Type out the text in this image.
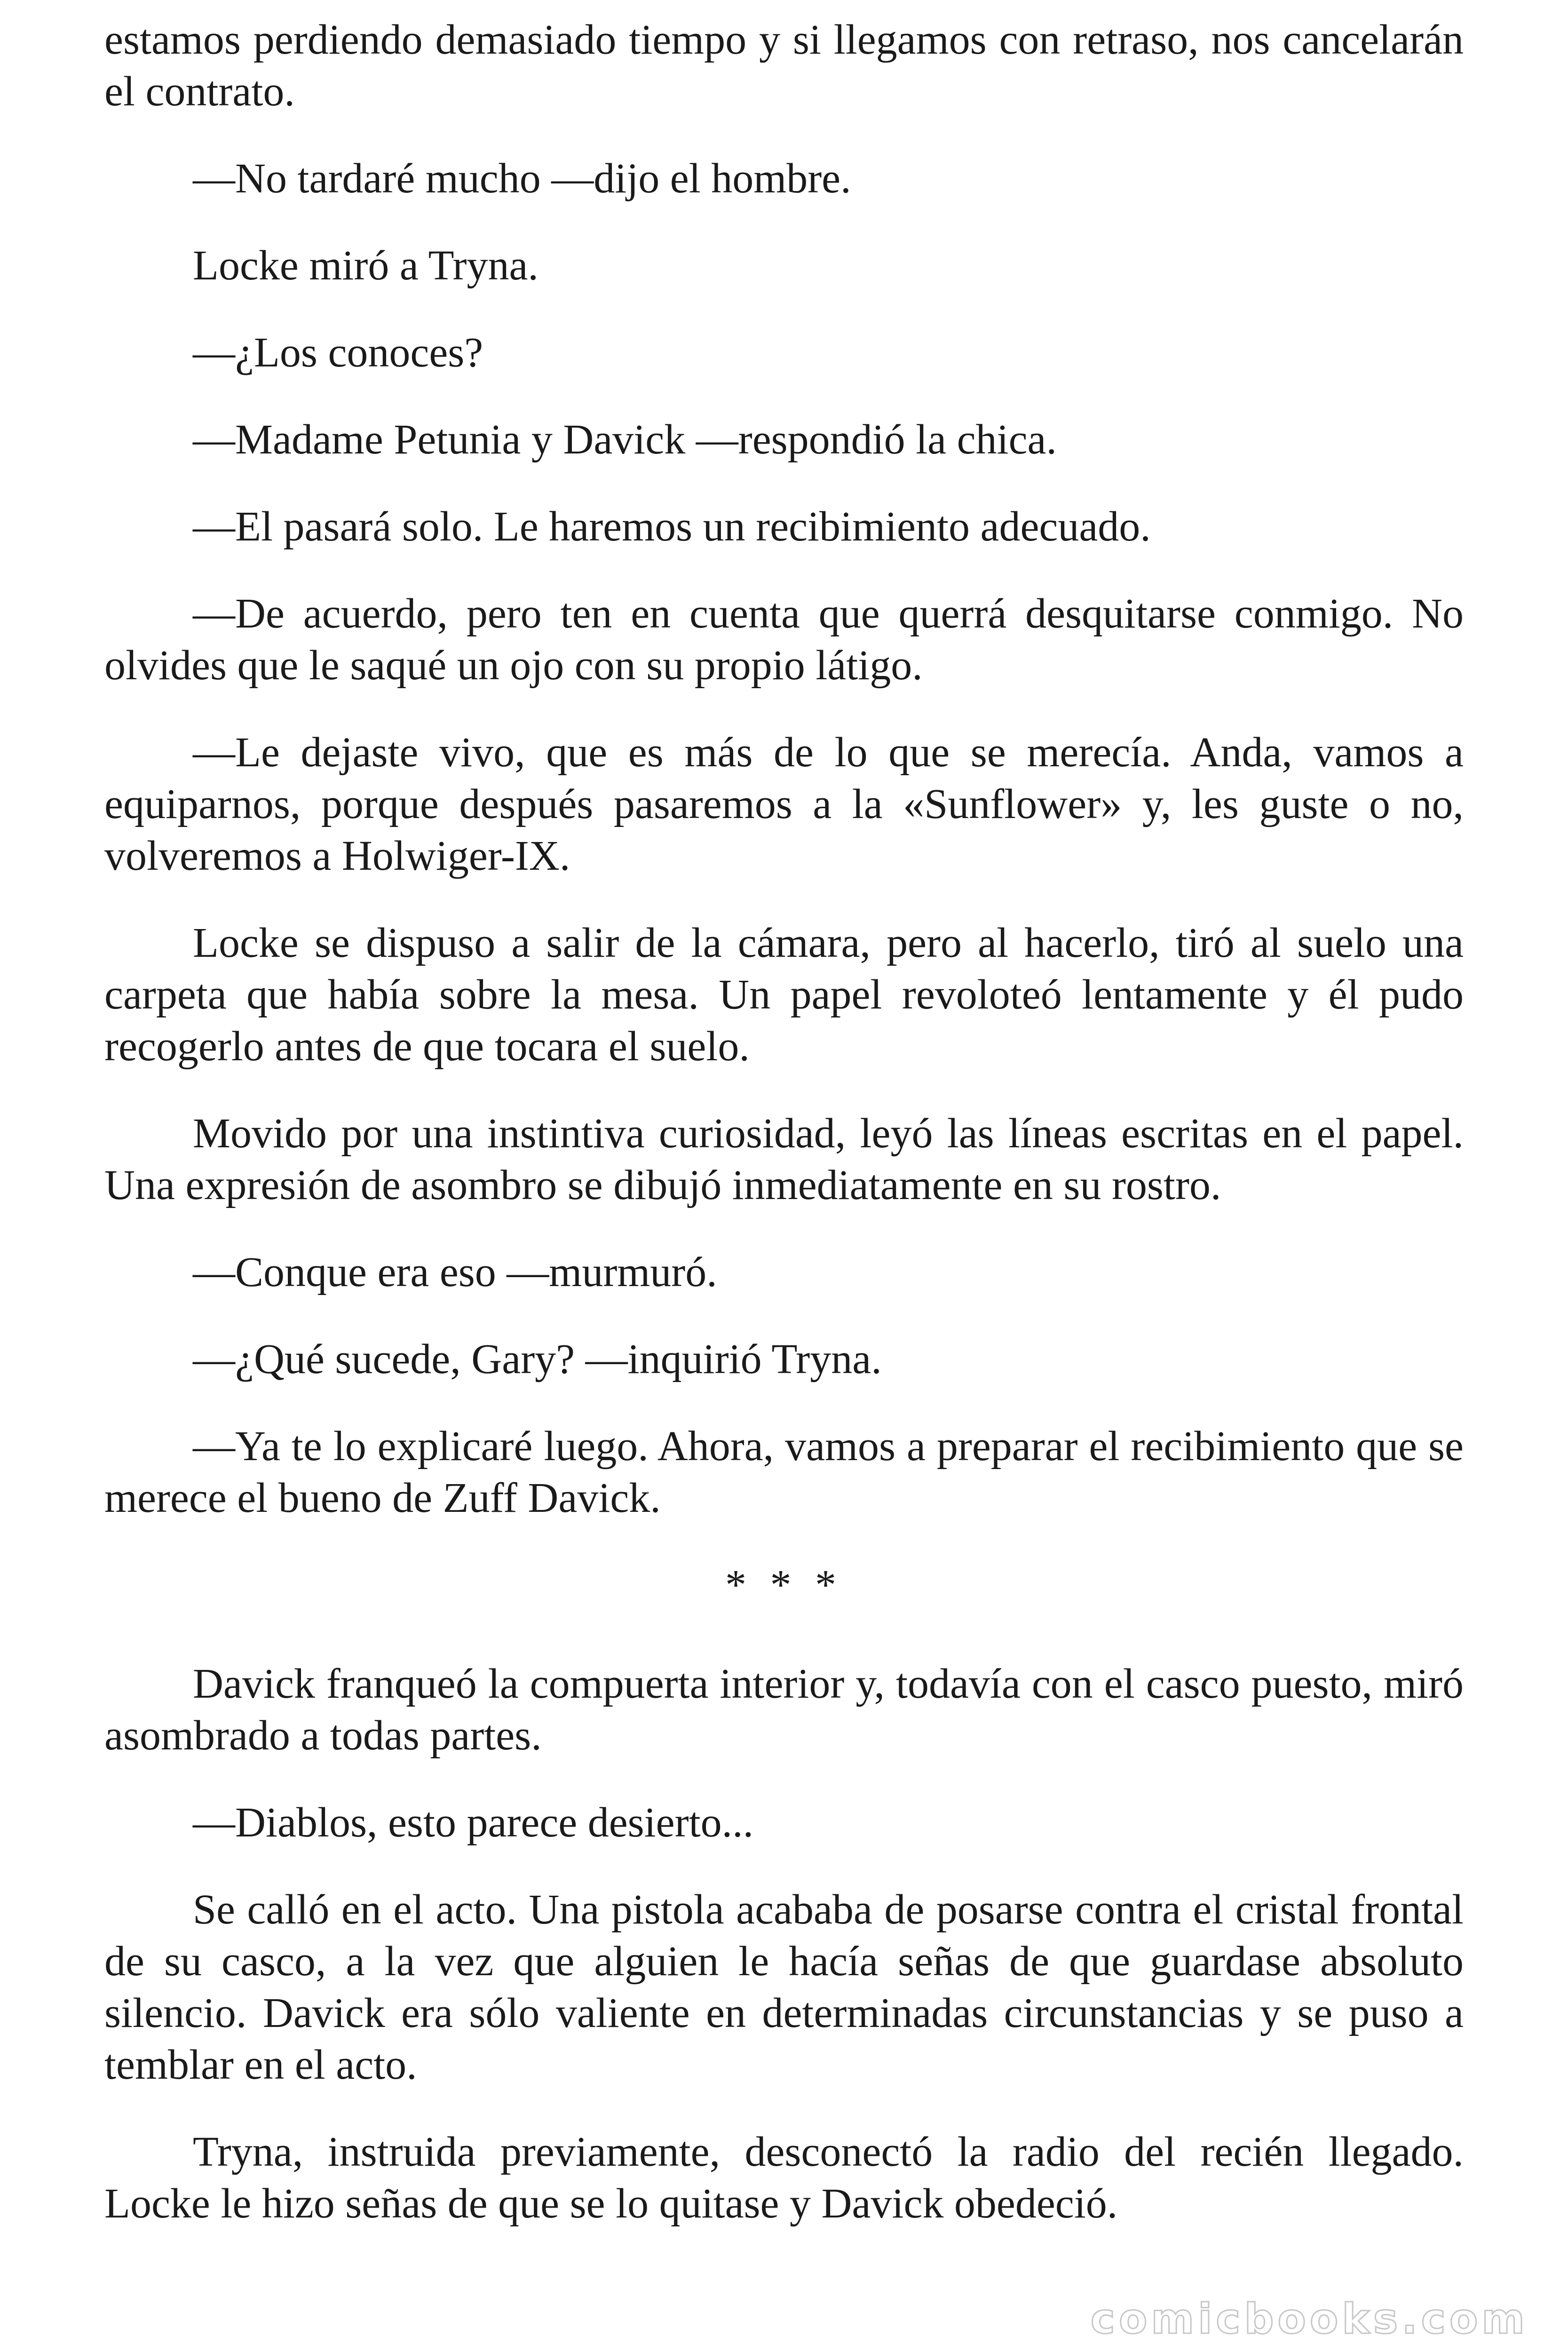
estamos perdiendo demasiado tiempo y si llegamos con retraso, nos cancelarán el contrato.

—No tardaré mucho —dijo el hombre.

Locke miró a Tryna.

—¿Los conoces?

—Madame Petunia y Davick —respondió la chica.

—El pasará solo. Le haremos un recibimiento adecuado.

—De acuerdo, pero ten en cuenta que querrá desquitarse conmigo. No olvides que le saqué un ojo con su propio látigo.

—Le dejaste vivo, que es más de lo que se merecía. Anda, vamos a equiparnos, porque después pasaremos a la «Sunflower» y, les guste o no, volveremos a Holwiger-IX.

Locke se dispuso a salir de la cámara, pero al hacerlo, tiró al suelo una carpeta que había sobre la mesa. Un papel revoloteó lentamente y él pudo recogerlo antes de que tocara el suelo.

Movido por una instintiva curiosidad, leyó las líneas escritas en el papel. Una expresión de asombro se dibujó inmediatamente en su rostro.

—Conque era eso —murmuró.

—¿Qué sucede, Gary? —inquirió Tryna.

—Ya te lo explicaré luego. Ahora, vamos a preparar el recibimiento que se merece el bueno de Zuff Davick.

* * *

Davick franqueó la compuerta interior y, todavía con el casco puesto, miró asombrado a todas partes.

—Diablos, esto parece desierto...

Se calló en el acto. Una pistola acababa de posarse contra el cristal frontal de su casco, a la vez que alguien le hacía señas de que guardase absoluto silencio. Davick era sólo valiente en determinadas circunstancias y se puso a temblar en el acto.

Tryna, instruida previamente, desconectó la radio del recién llegado. Locke le hizo señas de que se lo quitase y Davick obedeció.

comicbooks.com
